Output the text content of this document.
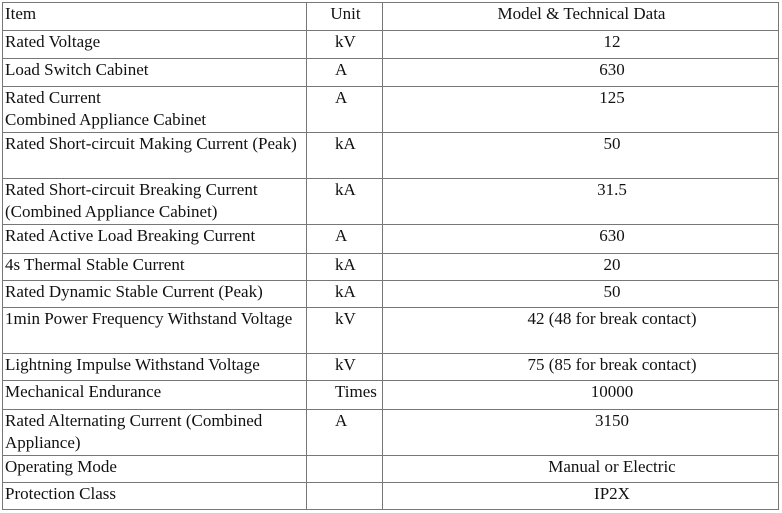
Item	Unit	Model & Technical Data
Rated Voltage	kV	12

Load Switch Cabinet	A	630

Rated Current
Combined Appliance Cabinet	A	125

Rated Short-circuit Making Current (Peak)	kA	50

Rated Short-circuit Breaking Current (Combined Appliance Cabinet)	kA	31.5

Rated Active Load Breaking Current	A	630

4s Thermal Stable Current	kA	20

Rated Dynamic Stable Current (Peak)	kA	50

1min Power Frequency Withstand Voltage	kV	42 (48 for break contact)

Lightning Impulse Withstand Voltage	kV	75 (85 for break contact)

Mechanical Endurance	Times	10000

Rated Alternating Current (Combined Appliance)	A	3150

Operating Mode		Manual or Electric

Protection Class		IP2X
